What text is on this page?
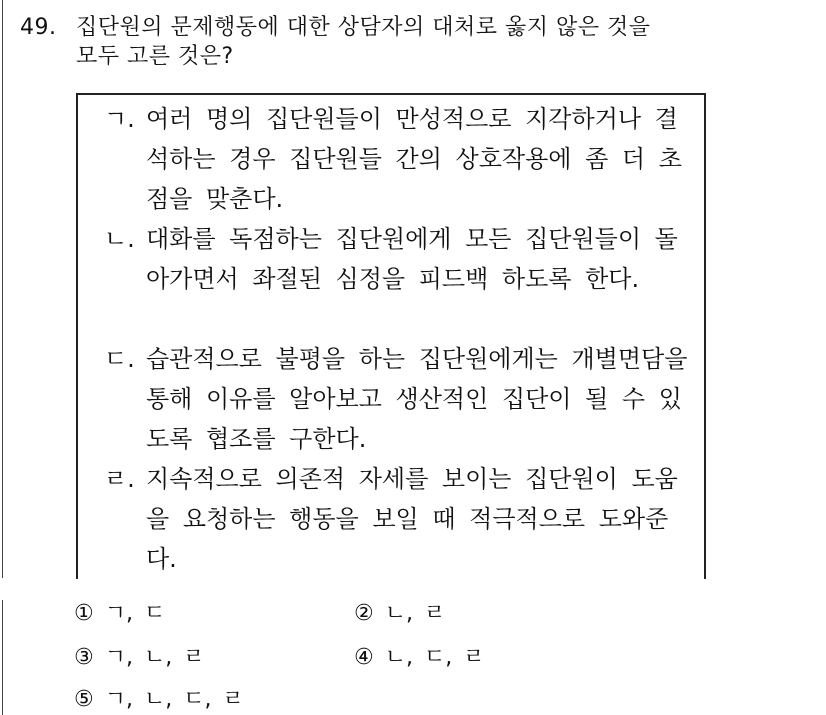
49. 집단원의 문제행동에 대한 상담자의 대처로 옳지 않은 것을
모두 고른 것은?
ㄱ. 여러 명의 집단원들이 만성적으로 지각하거나 결석하는 경우 집단원들 간의 상호작용에 좀 더 초점을 맞춘다.
ㄴ. 대화를 독점하는 집단원에게 모든 집단원들이 돌아가면서 좌절된 심정을 피드백 하도록 한다.
ㄷ. 습관적으로 불평을 하는 집단원에게는 개별면담을 통해 이유를 알아보고 생산적인 집단이 될 수 있도록 협조를 구한다.
ㄹ. 지속적으로 의존적 자세를 보이는 집단원이 도움을 요청하는 행동을 보일 때 적극적으로 도와준다.
① ㄱ, ㄷ	② ㄴ, ㄹ
③ ㄱ, ㄴ, ㄹ	④ ㄴ, ㄷ, ㄹ
⑤ ㄱ, ㄴ, ㄷ, ㄹ
